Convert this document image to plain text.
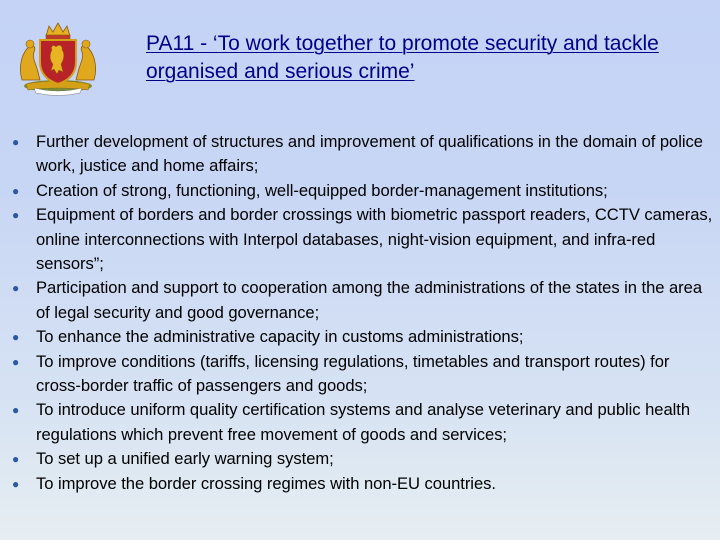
PA11 - ‘To work together to promote security and tackle organised and serious crime’
●	Further development of structures and improvement of qualifications in the domain of police work, justice and home affairs;
●	Creation of strong, functioning, well-equipped border-management institutions;
●	Equipment of borders and border crossings with biometric passport readers, CCTV cameras, online interconnections with Interpol databases, night-vision equipment, and infra-red sensors”;
●	Participation and support to cooperation among the administrations of the states in the area of legal security and good governance;
●	To enhance the administrative capacity in customs administrations;
●	To improve conditions (tariffs, licensing regulations, timetables and transport routes) for cross-border traffic of passengers and goods;
●	To introduce uniform quality certification systems and analyse veterinary and public health regulations which prevent free movement of goods and services;
●	To set up a unified early warning system;
●	To improve the border crossing regimes with non-EU countries.
